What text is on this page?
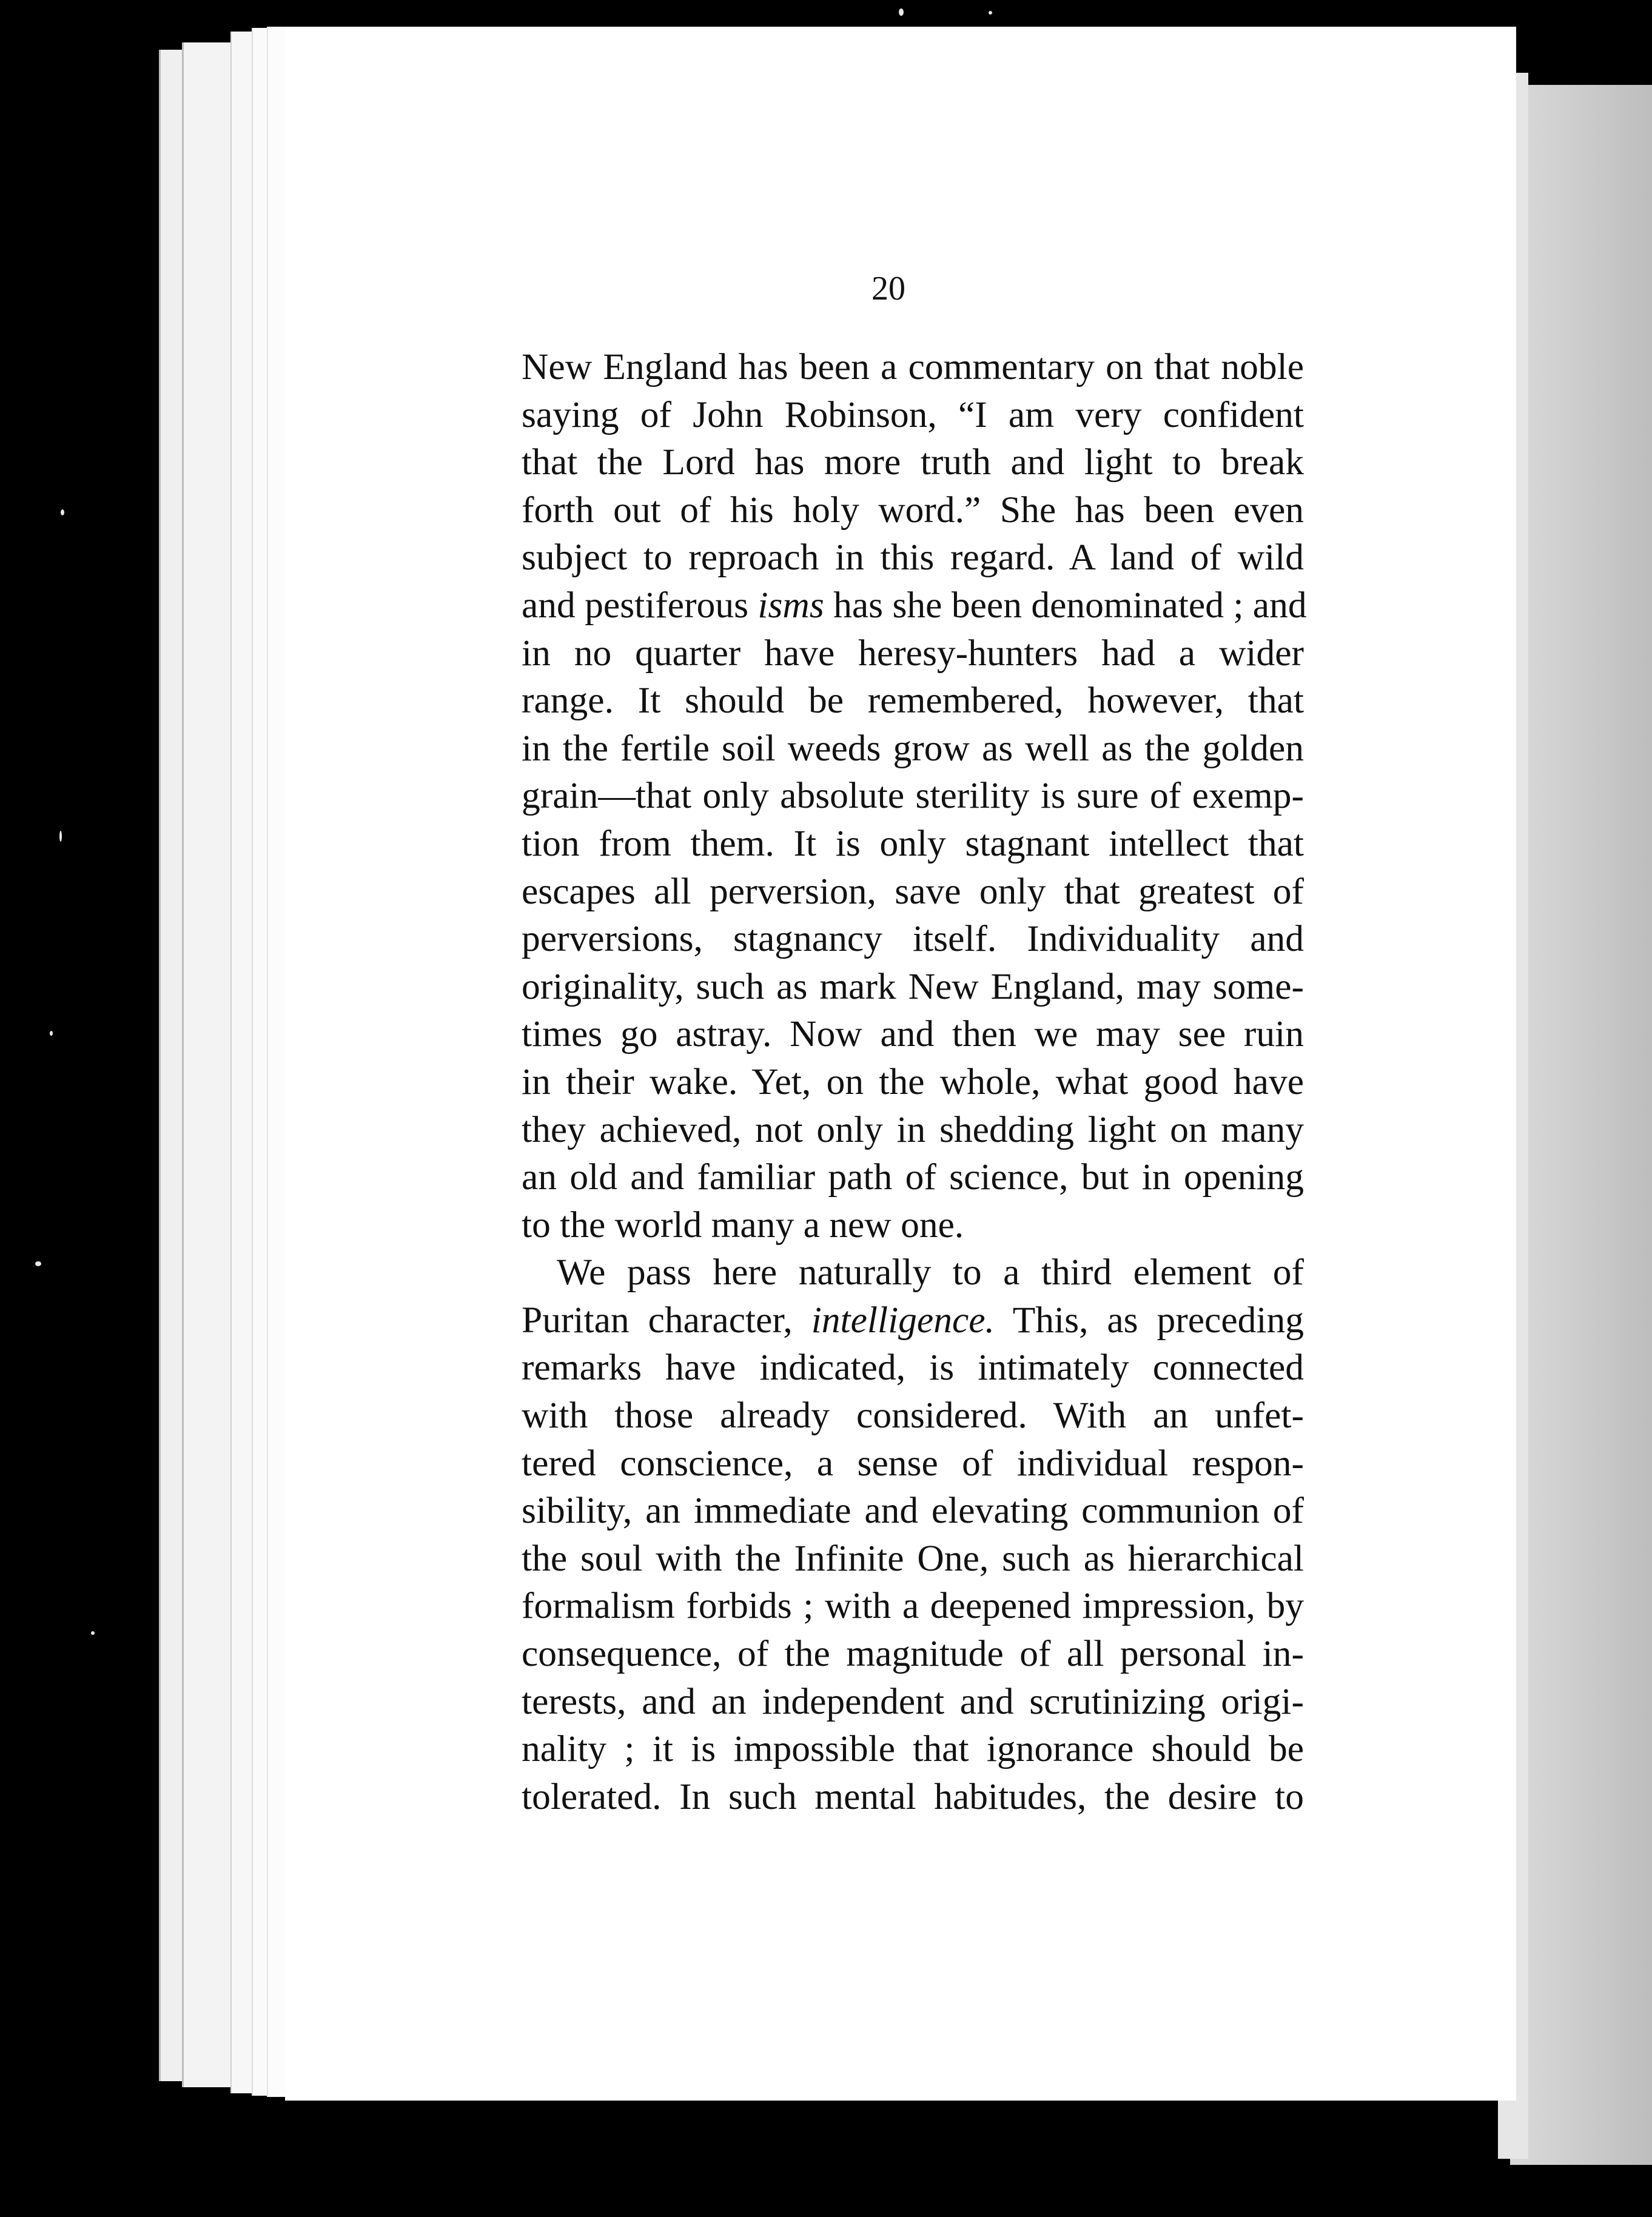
20

New England has been a commentary on that noble
saying of John Robinson, “I am very confident
that the Lord has more truth and light to break
forth out of his holy word.” She has been even
subject to reproach in this regard. A land of wild
and pestiferous isms has she been denominated ; and
in no quarter have heresy-hunters had a wider
range. It should be remembered, however, that
in the fertile soil weeds grow as well as the golden
grain—that only absolute sterility is sure of exemp-
tion from them. It is only stagnant intellect that
escapes all perversion, save only that greatest of
perversions, stagnancy itself. Individuality and
originality, such as mark New England, may some-
times go astray. Now and then we may see ruin
in their wake. Yet, on the whole, what good have
they achieved, not only in shedding light on many
an old and familiar path of science, but in opening
to the world many a new one.
We pass here naturally to a third element of
Puritan character, intelligence. This, as preceding
remarks have indicated, is intimately connected
with those already considered. With an unfet-
tered conscience, a sense of individual respon-
sibility, an immediate and elevating communion of
the soul with the Infinite One, such as hierarchical
formalism forbids ; with a deepened impression, by
consequence, of the magnitude of all personal in-
terests, and an independent and scrutinizing origi-
nality ; it is impossible that ignorance should be
tolerated. In such mental habitudes, the desire to
